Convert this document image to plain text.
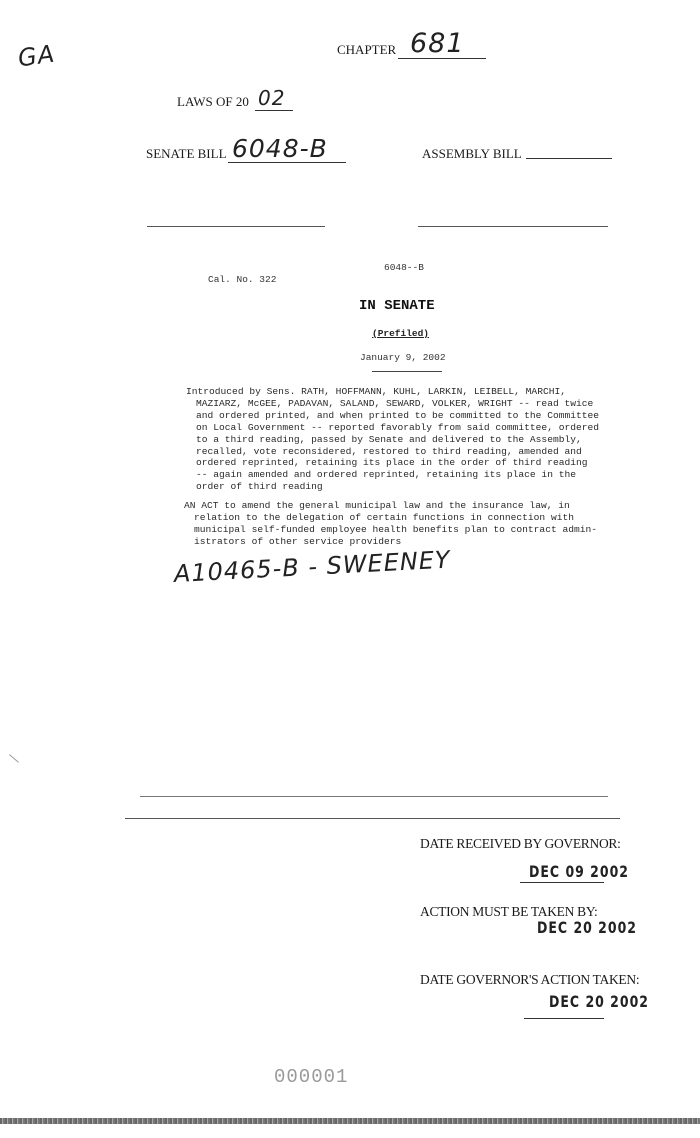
GA	CHAPTER 681
LAWS OF 20 02
SENATE BILL 6048-B	ASSEMBLY BILL
6048--B
Cal. No. 322
IN SENATE
(Prefiled)
January 9, 2002
Introduced by Sens. RATH, HOFFMANN, KUHL, LARKIN, LEIBELL, MARCHI,
MAZIARZ, McGEE, PADAVAN, SALAND, SEWARD, VOLKER, WRIGHT -- read twice
and ordered printed, and when printed to be committed to the Committee
on Local Government -- reported favorably from said committee, ordered
to a third reading, passed by Senate and delivered to the Assembly,
recalled, vote reconsidered, restored to third reading, amended and
ordered reprinted, retaining its place in the order of third reading
-- again amended and ordered reprinted, retaining its place in the
order of third reading
AN ACT to amend the general municipal law and the insurance law, in
relation to the delegation of certain functions in connection with
municipal self-funded employee health benefits plan to contract admin-
istrators of other service providers
A10465-B - SWEENEY
DATE RECEIVED BY GOVERNOR:
DEC 09 2002
ACTION MUST BE TAKEN BY:
DEC 20 2002
DATE GOVERNOR'S ACTION TAKEN:
DEC 20 2002
000001
